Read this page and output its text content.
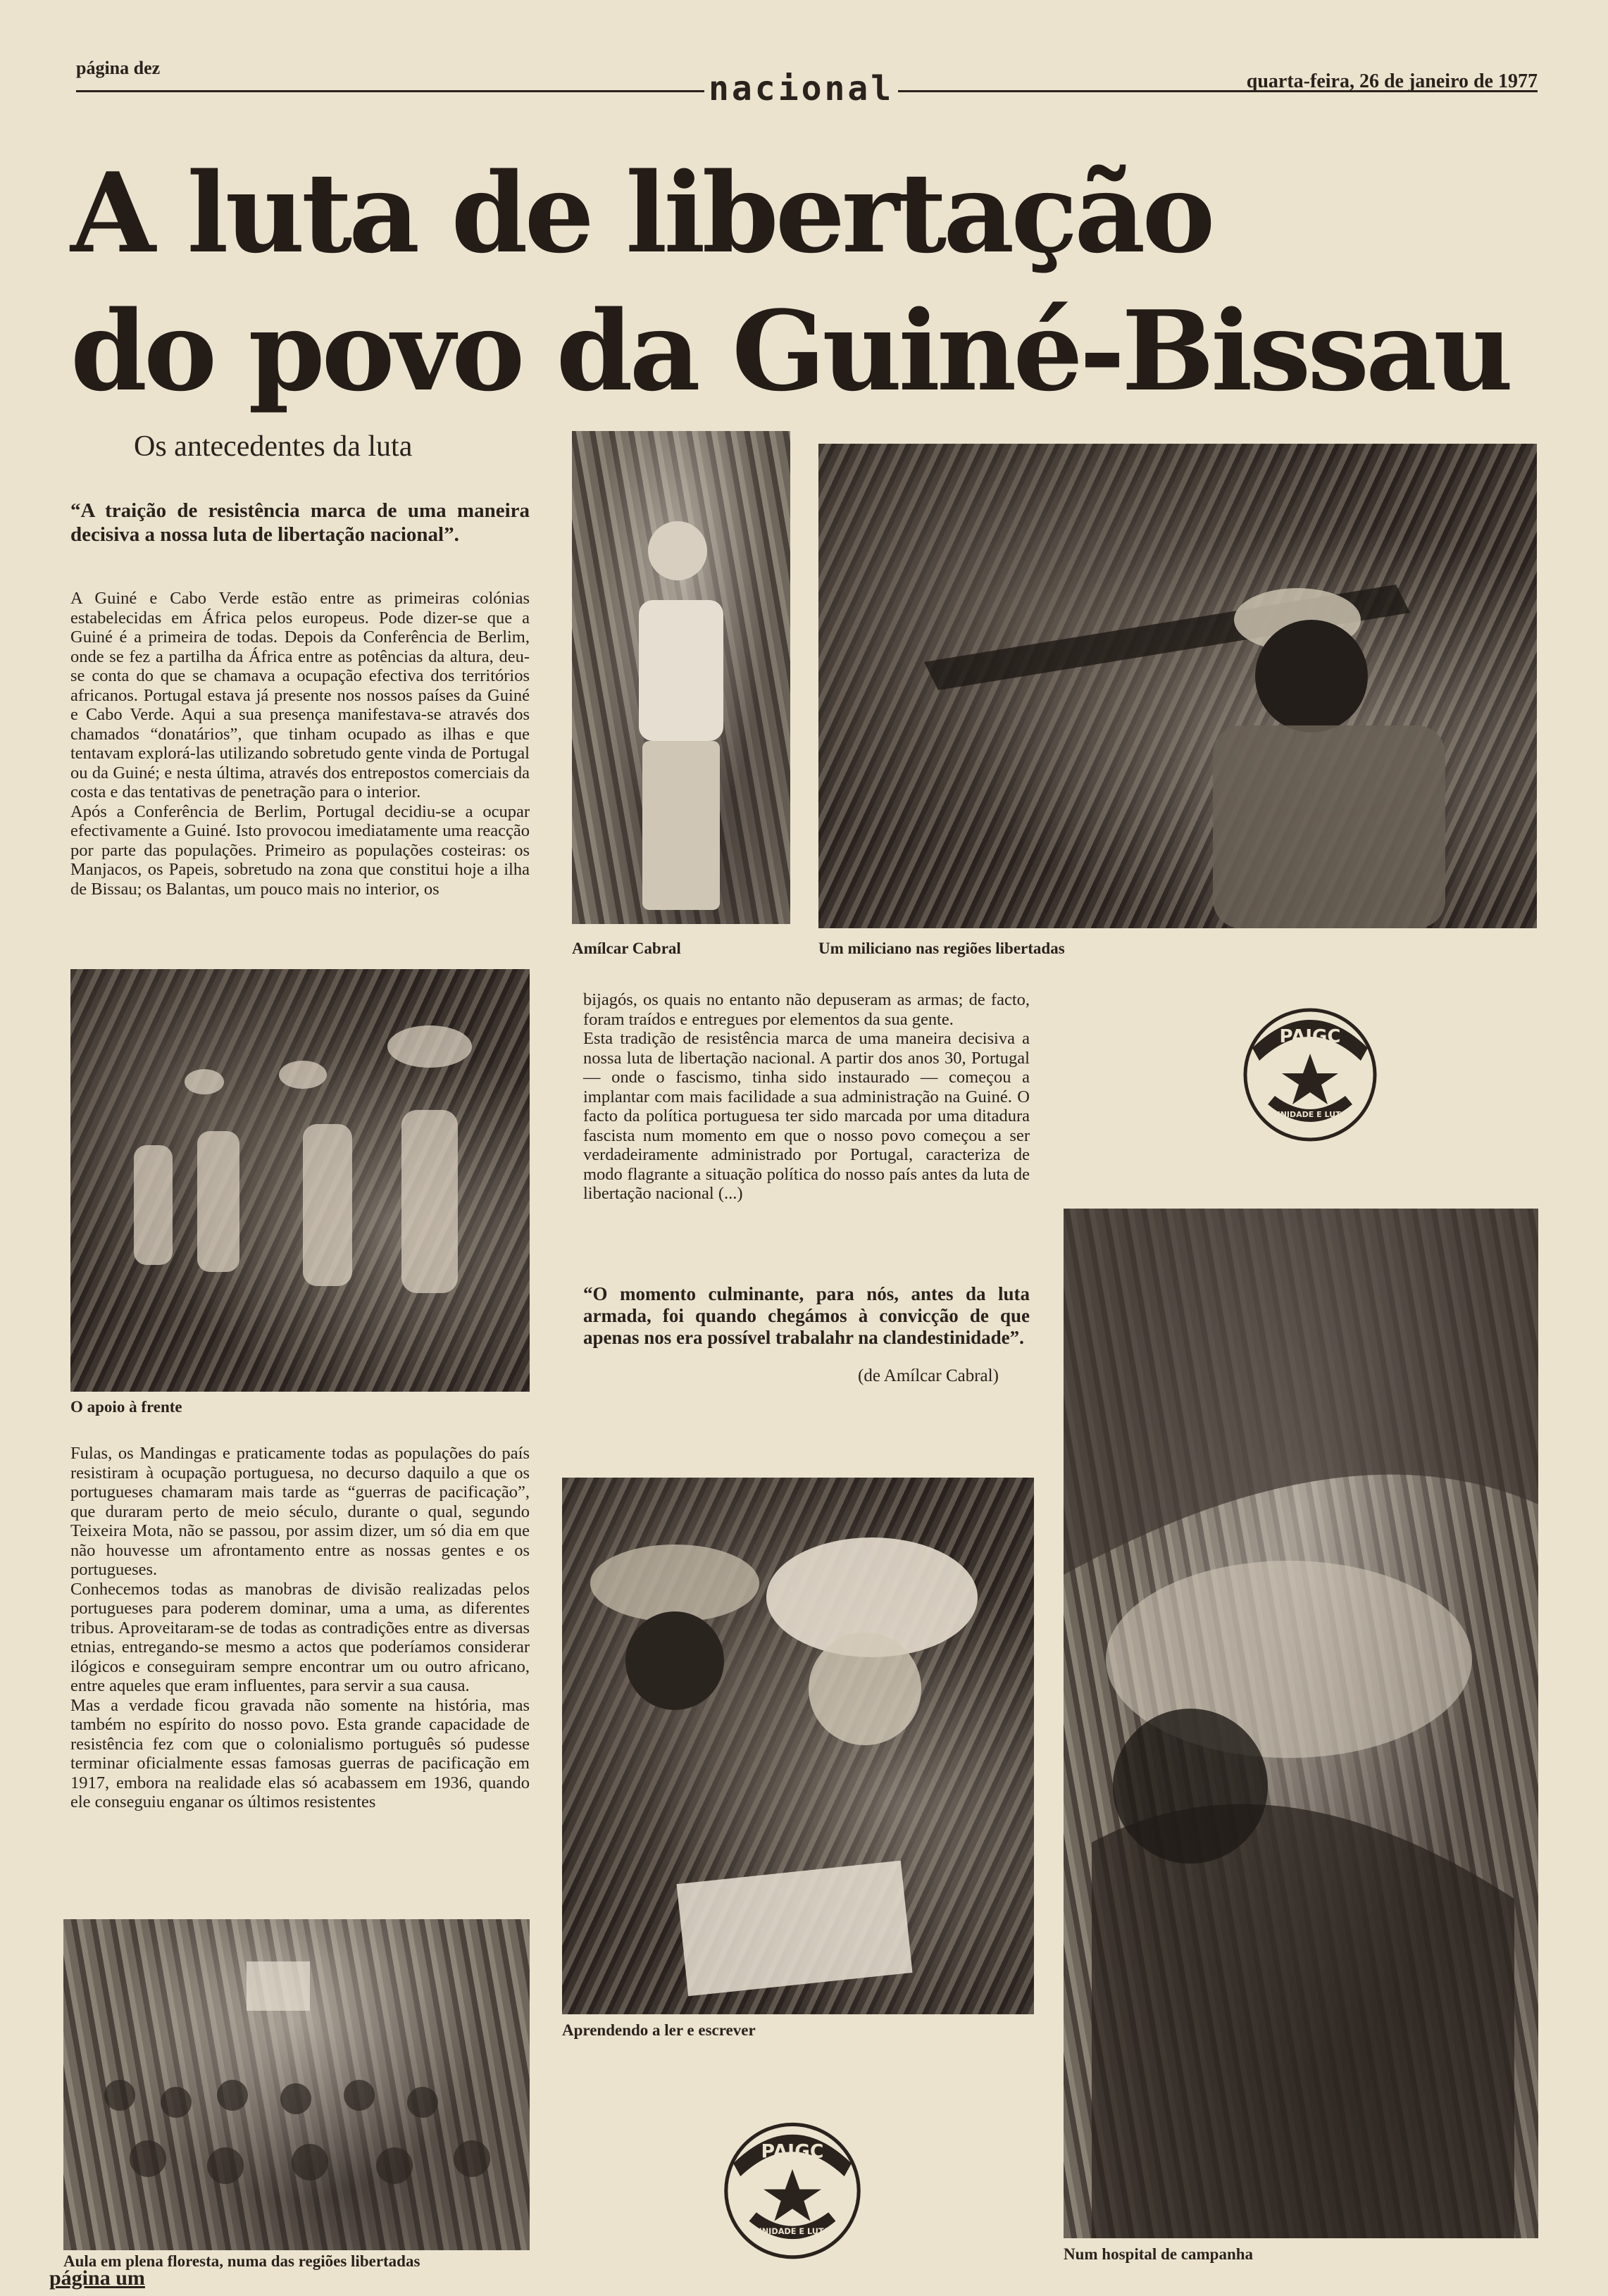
página dez
nacional	quarta-feira, 26 de janeiro de 1977
A luta de libertação
do povo da Guiné-Bissau
Os antecedentes da luta
“A traição de resistência marca de uma maneira decisiva a nossa luta de libertação nacional”.

A Guiné e Cabo Verde estão entre as primeiras colónias estabelecidas em África pelos europeus. Pode dizer-se que a Guiné é a primeira de todas. Depois da Conferência de Berlim, onde se fez a partilha da África entre as potências da altura, deu-se conta do que se chamava a ocupação efectiva dos territórios africanos. Portugal estava já presente nos nossos países da Guiné e Cabo Verde. Aqui a sua presença manifestava-se através dos chamados “donatários”, que tinham ocupado as ilhas e que tentavam explorá-las utilizando sobretudo gente vinda de Portugal ou da Guiné; e nesta última, através dos entrepostos comerciais da costa e das tentativas de penetração para o interior.
Após a Conferência de Berlim, Portugal decidiu-se a ocupar efectivamente a Guiné. Isto provocou imediatamente uma reacção por parte das populações. Primeiro as populações costeiras: os Manjacos, os Papeis, sobretudo na zona que constitui hoje a ilha de Bissau; os Balantas, um pouco mais no interior, os

O apoio à frente

Fulas, os Mandingas e praticamente todas as populações do país resistiram à ocupação portuguesa, no decurso daquilo a que os portugueses chamaram mais tarde as “guerras de pacificação”, que duraram perto de meio século, durante o qual, segundo Teixeira Mota, não se passou, por assim dizer, um só dia em que não houvesse um afrontamento entre as nossas gentes e os portugueses.
Conhecemos todas as manobras de divisão realizadas pelos portugueses para poderem dominar, uma a uma, as diferentes tribus. Aproveitaram-se de todas as contradições entre as diversas etnias, entregando-se mesmo a actos que poderíamos considerar ilógicos e conseguiram sempre encontrar um ou outro africano, entre aqueles que eram influentes, para servir a sua causa.
Mas a verdade ficou gravada não somente na história, mas também no espírito do nosso povo. Esta grande capacidade de resistência fez com que o colonialismo português só pudesse terminar oficialmente essas famosas guerras de pacificação em 1917, embora na realidade elas só acabassem em 1936, quando ele conseguiu enganar os últimos resistentes

Aula em plena floresta, numa das regiões libertadas
Amílcar Cabral	Um miliciano nas regiões libertadas

bijagós, os quais no entanto não depuseram as armas; de facto, foram traídos e entregues por elementos da sua gente.
Esta tradição de resistência marca de uma maneira decisiva a nossa luta de libertação nacional. A partir dos anos 30, Portugal — onde o fascismo, tinha sido instaurado — começou a implantar com mais facilidade a sua administração na Guiné. O facto da política portuguesa ter sido marcada por uma ditadura fascista num momento em que o nosso povo começou a ser verdadeiramente administrado por Portugal, caracteriza de modo flagrante a situação política do nosso país antes da luta de libertação nacional (...)

“O momento culminante, para nós, antes da luta armada, foi quando chegámos à convicção de que apenas nos era possível trabalahr na clandestinidade”.
(de Amílcar Cabral)
PAIGC
UNIDADE E LUTA
Num hospital de campanha
Aprendendo a ler e escrever
PAIGC
UNIDADE E LUTA
página um
